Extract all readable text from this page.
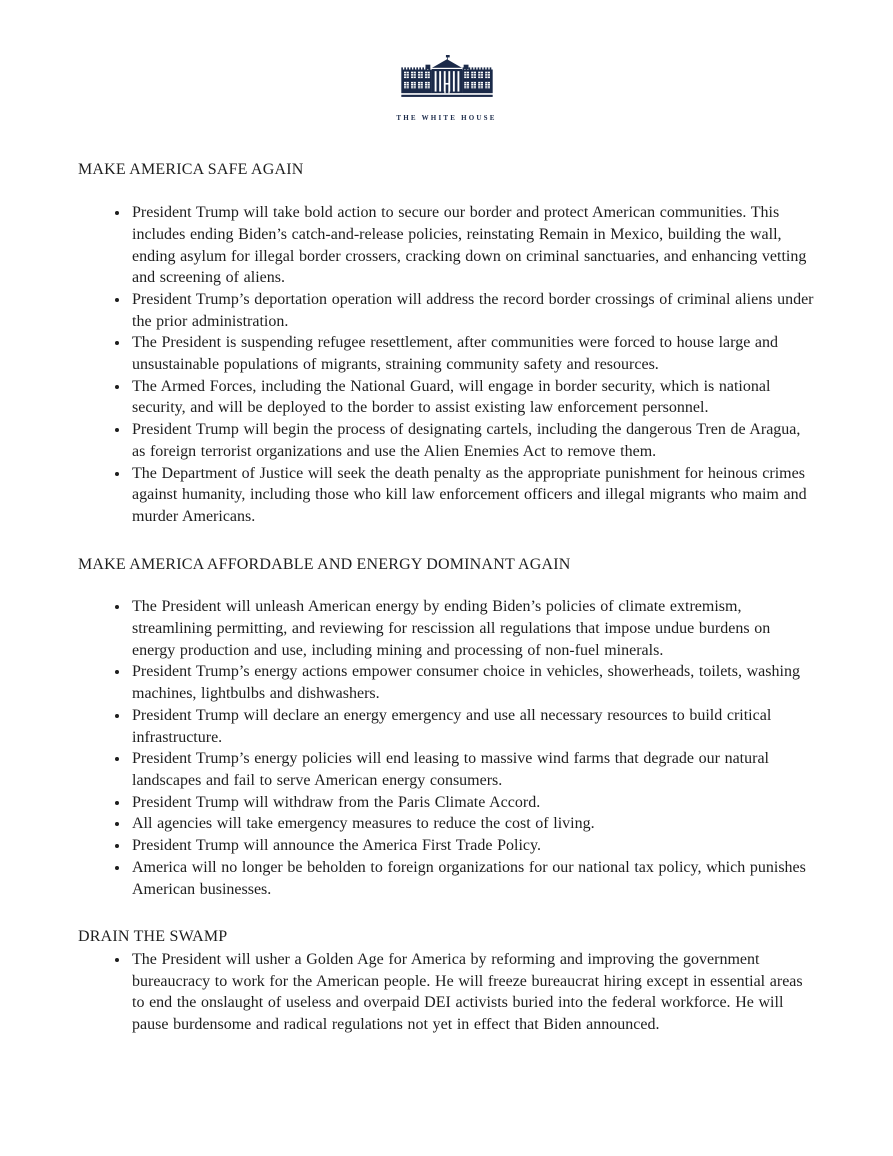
THE WHITE HOUSE
MAKE AMERICA SAFE AGAIN
• President Trump will take bold action to secure our border and protect American communities. This includes ending Biden’s catch-and-release policies, reinstating Remain in Mexico, building the wall, ending asylum for illegal border crossers, cracking down on criminal sanctuaries, and enhancing vetting and screening of aliens.
• President Trump’s deportation operation will address the record border crossings of criminal aliens under the prior administration.
• The President is suspending refugee resettlement, after communities were forced to house large and unsustainable populations of migrants, straining community safety and resources.
• The Armed Forces, including the National Guard, will engage in border security, which is national security, and will be deployed to the border to assist existing law enforcement personnel.
• President Trump will begin the process of designating cartels, including the dangerous Tren de Aragua, as foreign terrorist organizations and use the Alien Enemies Act to remove them.
• The Department of Justice will seek the death penalty as the appropriate punishment for heinous crimes against humanity, including those who kill law enforcement officers and illegal migrants who maim and murder Americans.
MAKE AMERICA AFFORDABLE AND ENERGY DOMINANT AGAIN
• The President will unleash American energy by ending Biden’s policies of climate extremism, streamlining permitting, and reviewing for rescission all regulations that impose undue burdens on energy production and use, including mining and processing of non-fuel minerals.
• President Trump’s energy actions empower consumer choice in vehicles, showerheads, toilets, washing machines, lightbulbs and dishwashers.
• President Trump will declare an energy emergency and use all necessary resources to build critical infrastructure.
• President Trump’s energy policies will end leasing to massive wind farms that degrade our natural landscapes and fail to serve American energy consumers.
• President Trump will withdraw from the Paris Climate Accord.
• All agencies will take emergency measures to reduce the cost of living.
• President Trump will announce the America First Trade Policy.
• America will no longer be beholden to foreign organizations for our national tax policy, which punishes American businesses.
DRAIN THE SWAMP
• The President will usher a Golden Age for America by reforming and improving the government bureaucracy to work for the American people. He will freeze bureaucrat hiring except in essential areas to end the onslaught of useless and overpaid DEI activists buried into the federal workforce. He will pause burdensome and radical regulations not yet in effect that Biden announced.
